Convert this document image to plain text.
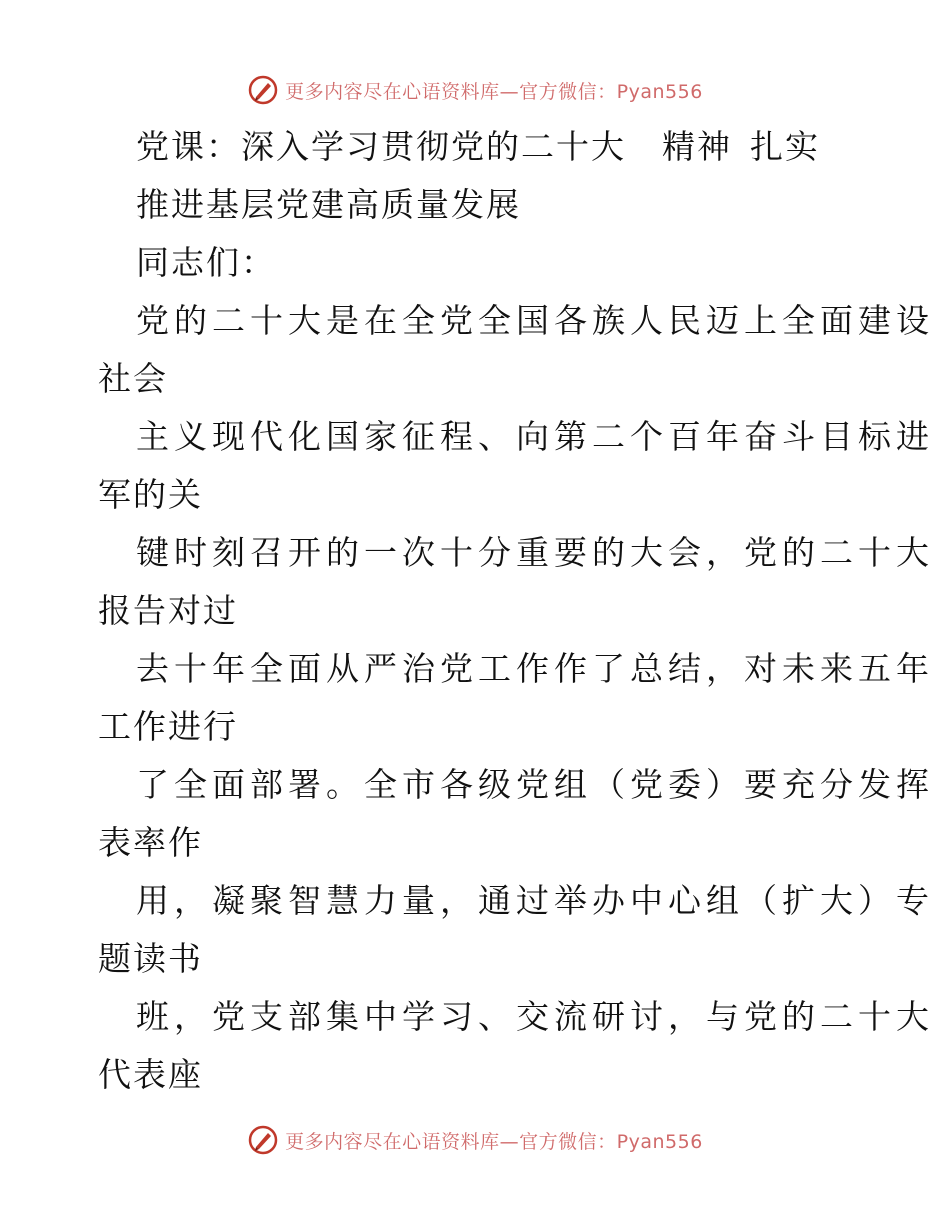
更多内容尽在心语资料库—官方微信：Pyan556
党课：深入学习贯彻党的二十大 精神 扎实
推进基层党建高质量发展
同志们：
党的二十大是在全党全国各族人民迈上全面建设
社会
主义现代化国家征程、向第二个百年奋斗目标进
军的关
键时刻召开的一次十分重要的大会，党的二十大
报告对过
去十年全面从严治党工作作了总结，对未来五年
工作进行
了全面部署。全市各级党组（党委）要充分发挥
表率作
用，凝聚智慧力量，通过举办中心组（扩大）专
题读书
班，党支部集中学习、交流研讨，与党的二十大
代表座
更多内容尽在心语资料库—官方微信：Pyan556
